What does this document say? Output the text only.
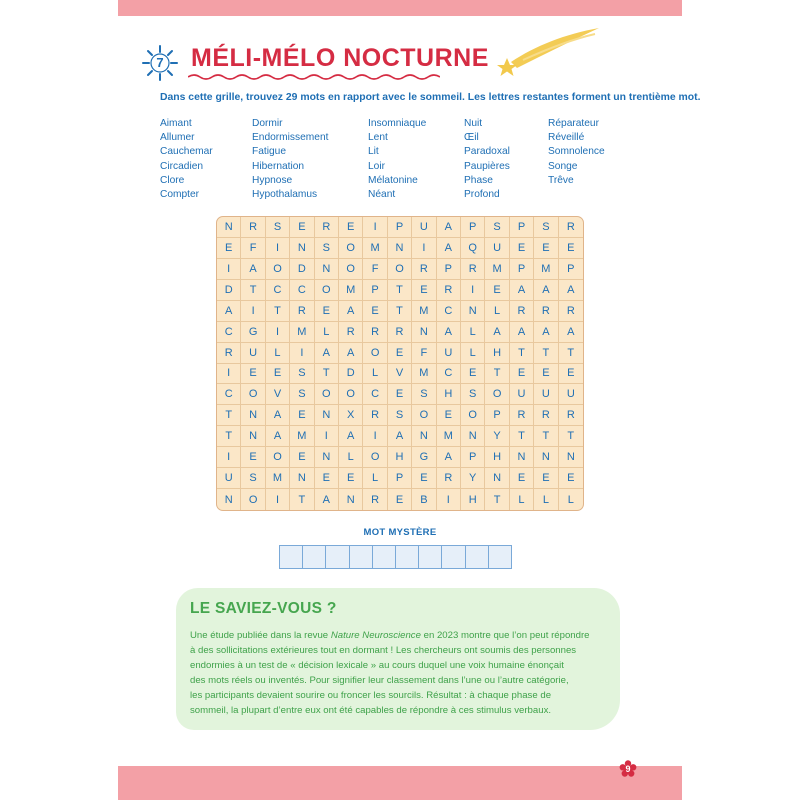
7	MÉLI-MÉLO NOCTURNE
Dans cette grille, trouvez 29 mots en rapport avec le sommeil. Les lettres restantes forment un trentième mot.
Aimant
Allumer
Cauchemar
Circadien
Clore
Compter
Dormir
Endormissement
Fatigue
Hibernation
Hypnose
Hypothalamus
Insomniaque
Lent
Lit
Loir
Mélatonine
Néant
Nuit
Œil
Paradoxal
Paupières
Phase
Profond
Réparateur
Réveillé
Somnolence
Songe
Trêve
N	R	S	E	R	E	I	P	U	A	P	S	P	S	R
E	F	I	N	S	O	M	N	I	A	Q	U	E	E	E
I	A	O	D	N	O	F	O	R	P	R	M	P	M	P
D	T	C	C	O	M	P	T	E	R	I	E	A	A	A
A	I	T	R	E	A	E	T	M	C	N	L	R	R	R
C	G	I	M	L	R	R	R	N	A	L	A	A	A	A
R	U	L	I	A	A	O	E	F	U	L	H	T	T	T
I	E	E	S	T	D	L	V	M	C	E	T	E	E	E
C	O	V	S	O	O	C	E	S	H	S	O	U	U	U
T	N	A	E	N	X	R	S	O	E	O	P	R	R	R
T	N	A	M	I	A	I	A	N	M	N	Y	T	T	T
I	E	O	E	N	L	O	H	G	A	P	H	N	N	N
U	S	M	N	E	E	L	P	E	R	Y	N	E	E	E
N	O	I	T	A	N	R	E	B	I	H	T	L	L	L
MOT MYSTÈRE
LE SAVIEZ-VOUS ?
Une étude publiée dans la revue Nature Neuroscience en 2023 montre que l’on peut répondre
à des sollicitations extérieures tout en dormant ! Les chercheurs ont soumis des personnes
endormies à un test de « décision lexicale » au cours duquel une voix humaine énonçait
des mots réels ou inventés. Pour signifier leur classement dans l’une ou l’autre catégorie,
les participants devaient sourire ou froncer les sourcils. Résultat : à chaque phase de
sommeil, la plupart d’entre eux ont été capables de répondre à ces stimulus verbaux.
9
